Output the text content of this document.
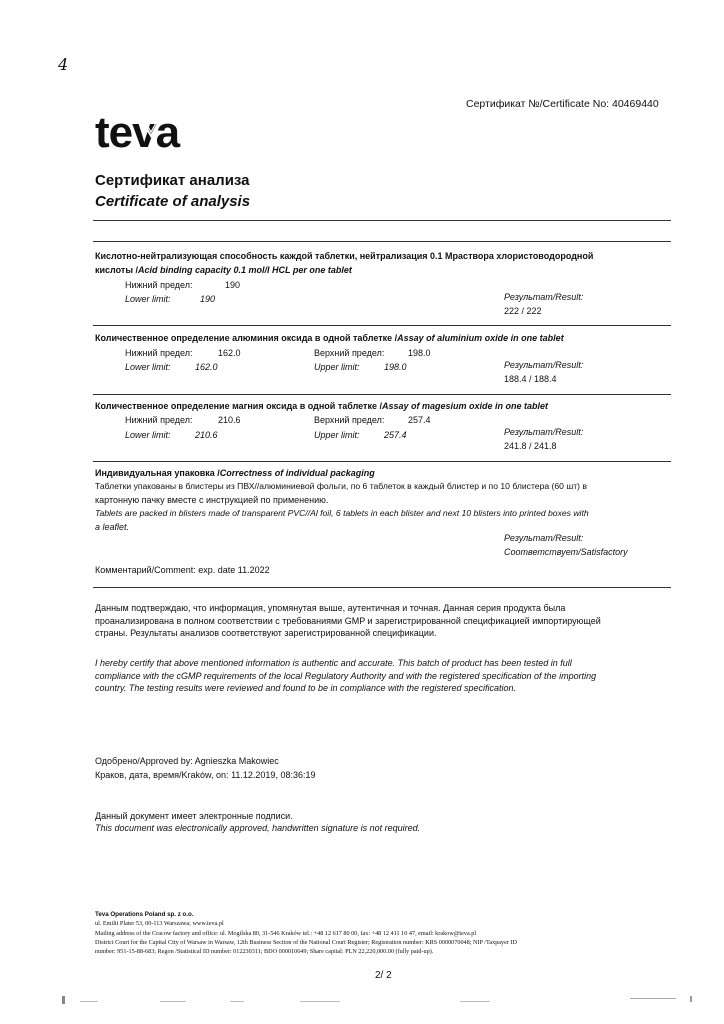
4
Сертификат №/Certificate No: 40469440
teva
Сертификат анализа
Certificate of analysis
Кислотно-нейтрализующая способность каждой таблетки, нейтрализация 0.1 Мраствора хлористоводородной
кислоты /Acid binding capacity 0.1 mol/l HCL per one tablet
Нижний предел:	190
Lower limit:	190	Результат/Result:
222 / 222
Количественное определение алюминия оксида в одной таблетке /Assay of aluminium oxide in one tablet
Нижний предел:	162.0	Верхний предел:	198.0
Lower limit:	162.0	Upper limit:	198.0	Результат/Result:
188.4 / 188.4
Количественное определение магния оксида в одной таблетке /Assay of magesium oxide in one tablet
Нижний предел:	210.6	Верхний предел:	257.4
Lower limit:	210.6	Upper limit:	257.4	Результат/Result:
241.8 / 241.8
Индивидуальная упаковка /Correctness of individual packaging
Таблетки упакованы в блистеры из ПВХ//алюминиевой фольги, по 6 таблеток в каждый блистер и по 10 блистера (60 шт) в
картонную пачку вместе с инструкцией по применению.
Tablets are packed in blisters made of transparent PVC//Al foil, 6 tablets in each blister and next 10 blisters into printed boxes with
a leaflet.
Результат/Result:
Соответствует/Satisfactory
Комментарий/Comment: exp. date 11.2022
Данным подтверждаю, что информация, упомянутая выше, аутентичная и точная. Данная серия продукта была
проанализирована в полном соответствии с требованиями GMP и зарегистрированной спецификацией импортирующей
страны. Результаты анализов соответствуют зарегистрированной спецификации.
I hereby certify that above mentioned information is authentic and accurate. This batch of product has been tested in full
compliance with the cGMP requirements of the local Regulatory Authority and with the registered specification of the importing
country. The testing results were reviewed and found to be in compliance with the registered specification.
Одобрено/Approved by: Agnieszka Makowiec
Краков, дата, время/Kraków, on: 11.12.2019, 08:36:19
Данный документ имеет электронные подписи.
This document was electronically approved, handwritten signature is not required.
Teva Operations Poland sp. z o.o.
ul. Emilii Plater 53, 00-113 Warszawa; www.teva.pl
Mailing address of the Cracow factory and office: ul. Mogilska 80, 31-546 Kraków tel.: +48 12 617 80 00, fax: +48 12 411 10 47, email: krakow@teva.pl
District Court for the Capital City of Warsaw in Warsaw, 12th Business Section of the National Court Register; Registration number: KRS 0000070048; NIP /Taxpayer ID
number: 951-15-88-683; Regon /Statistical ID number: 012230311; BDO 000010649; Share capital: PLN 22,220,000.00 (fully paid-up).
2/ 2
